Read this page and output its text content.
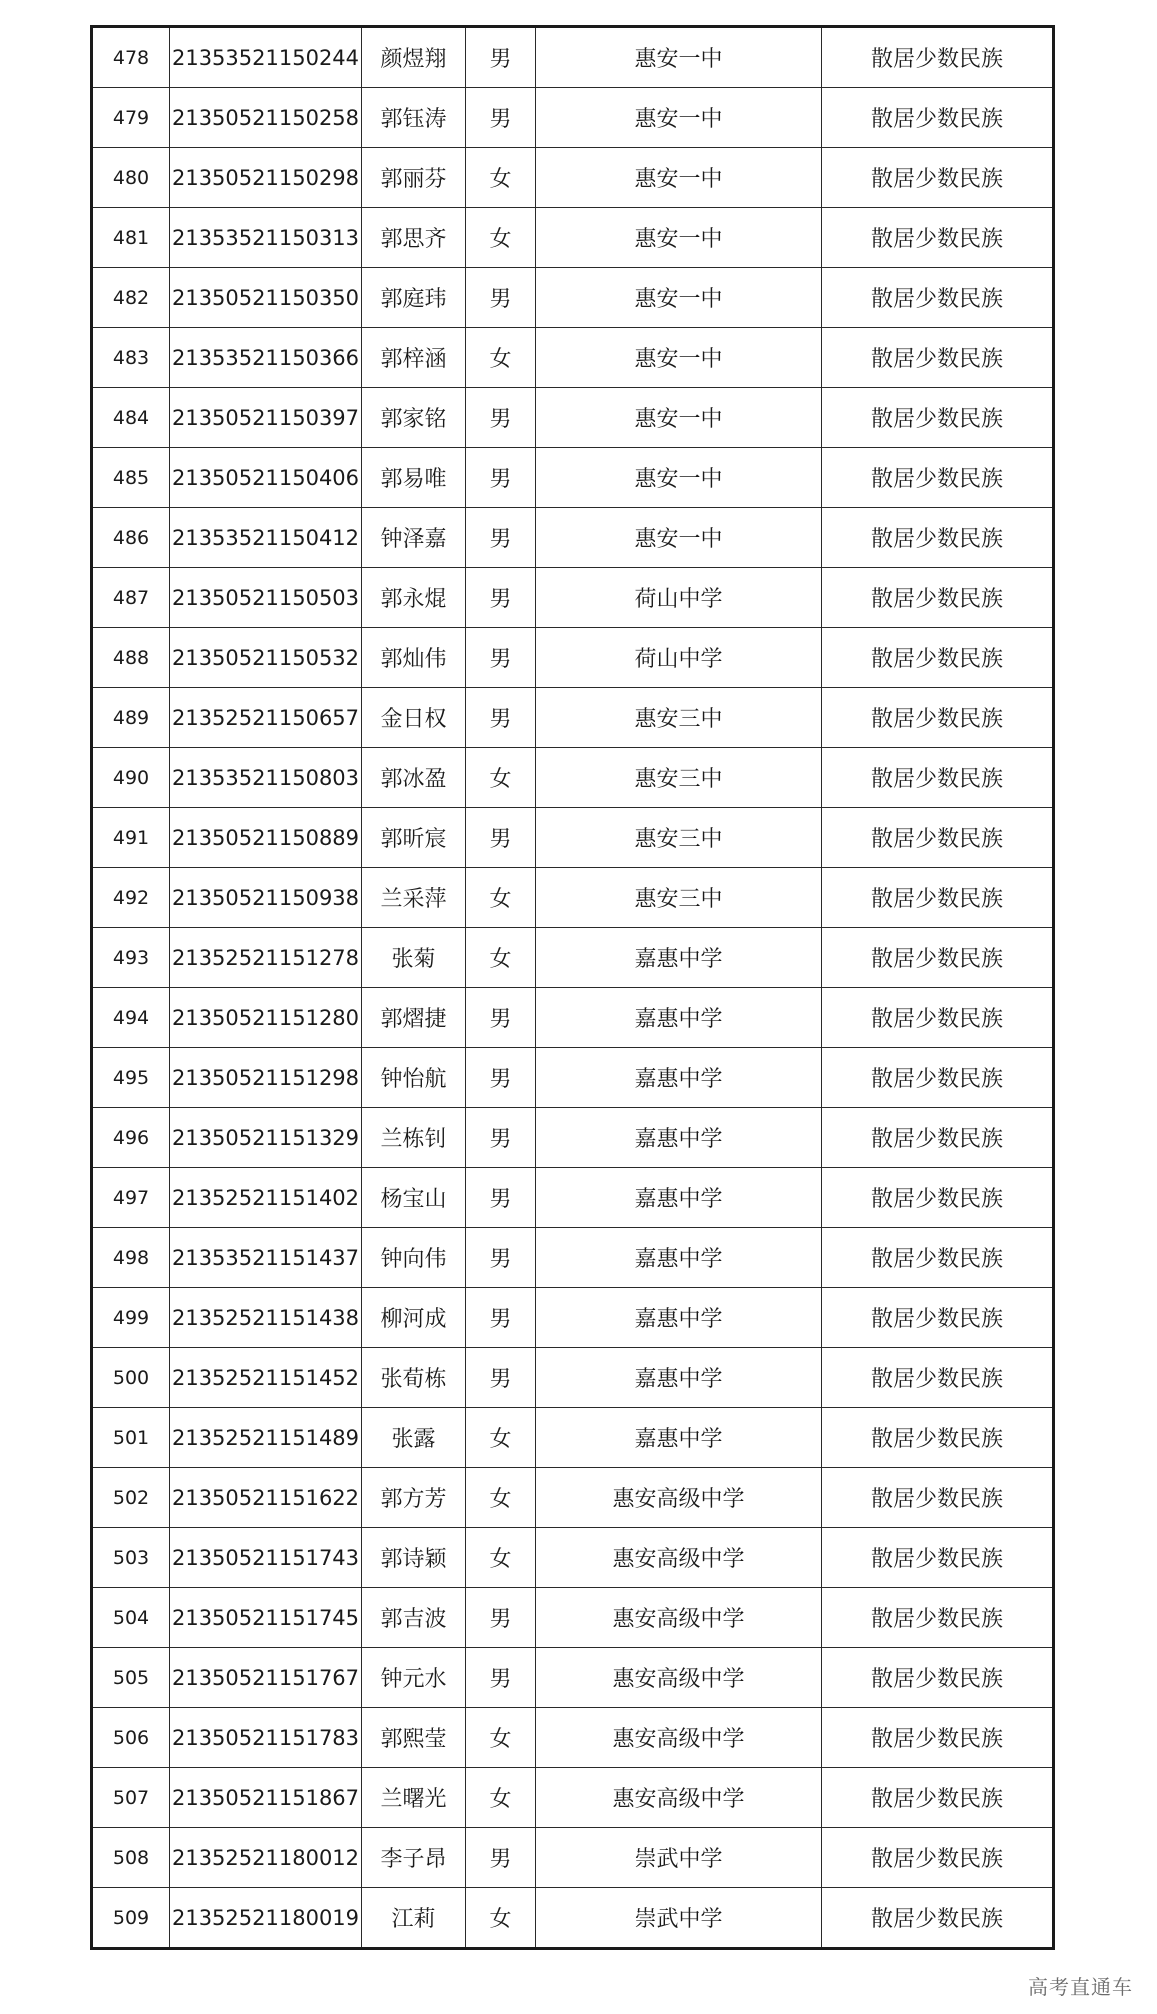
478	21353521150244	颜煜翔	男	惠安一中	散居少数民族
479	21350521150258	郭钰涛	男	惠安一中	散居少数民族
480	21350521150298	郭丽芬	女	惠安一中	散居少数民族
481	21353521150313	郭思齐	女	惠安一中	散居少数民族
482	21350521150350	郭庭玮	男	惠安一中	散居少数民族
483	21353521150366	郭梓涵	女	惠安一中	散居少数民族
484	21350521150397	郭家铭	男	惠安一中	散居少数民族
485	21350521150406	郭易唯	男	惠安一中	散居少数民族
486	21353521150412	钟泽嘉	男	惠安一中	散居少数民族
487	21350521150503	郭永焜	男	荷山中学	散居少数民族
488	21350521150532	郭灿伟	男	荷山中学	散居少数民族
489	21352521150657	金日权	男	惠安三中	散居少数民族
490	21353521150803	郭冰盈	女	惠安三中	散居少数民族
491	21350521150889	郭昕宸	男	惠安三中	散居少数民族
492	21350521150938	兰采萍	女	惠安三中	散居少数民族
493	21352521151278	张菊	女	嘉惠中学	散居少数民族
494	21350521151280	郭熠捷	男	嘉惠中学	散居少数民族
495	21350521151298	钟怡航	男	嘉惠中学	散居少数民族
496	21350521151329	兰栋钊	男	嘉惠中学	散居少数民族
497	21352521151402	杨宝山	男	嘉惠中学	散居少数民族
498	21353521151437	钟向伟	男	嘉惠中学	散居少数民族
499	21352521151438	柳河成	男	嘉惠中学	散居少数民族
500	21352521151452	张荀栋	男	嘉惠中学	散居少数民族
501	21352521151489	张露	女	嘉惠中学	散居少数民族
502	21350521151622	郭方芳	女	惠安高级中学	散居少数民族
503	21350521151743	郭诗颖	女	惠安高级中学	散居少数民族
504	21350521151745	郭吉波	男	惠安高级中学	散居少数民族
505	21350521151767	钟元水	男	惠安高级中学	散居少数民族
506	21350521151783	郭熙莹	女	惠安高级中学	散居少数民族
507	21350521151867	兰曙光	女	惠安高级中学	散居少数民族
508	21352521180012	李子昂	男	崇武中学	散居少数民族
509	21352521180019	江莉	女	崇武中学	散居少数民族
高考直通车
